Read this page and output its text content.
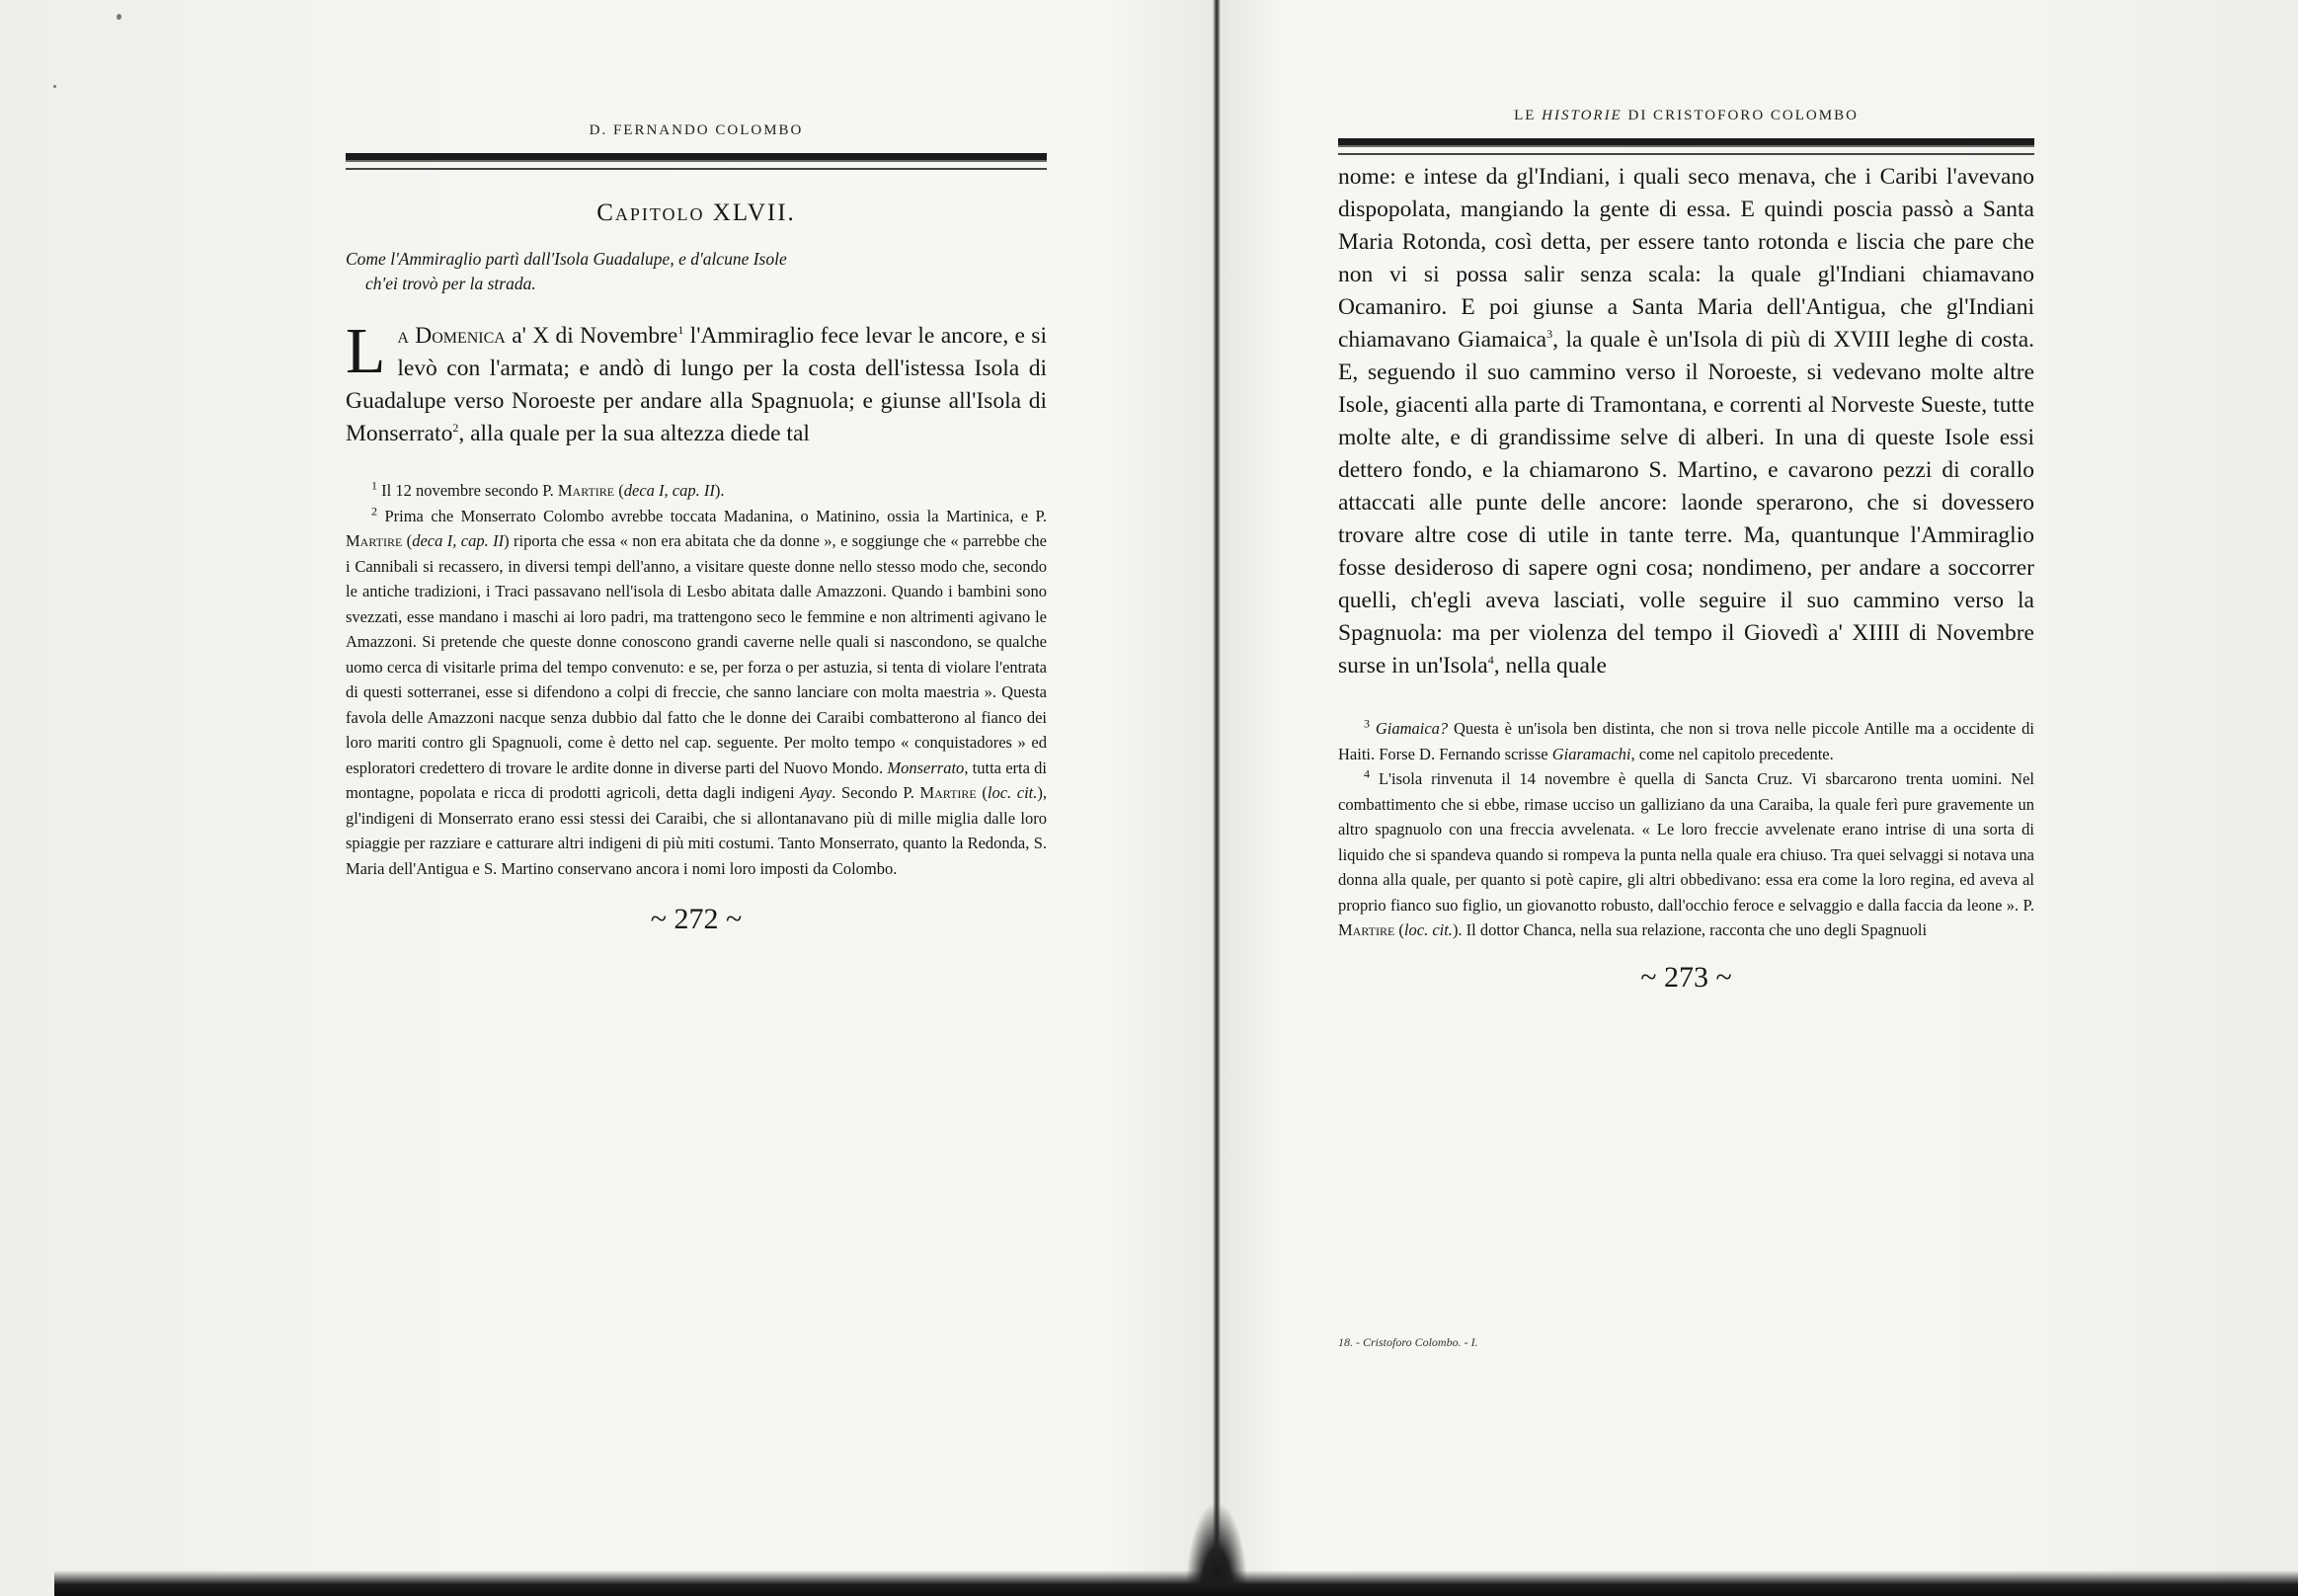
D. FERNANDO COLOMBO
Capitolo XLVII.
Come l'Ammiraglio partì dall'Isola Guadalupe, e d'alcune Isole
ch'ei trovò per la strada.

La Domenica a' X di Novembre$^1$ l'Ammiraglio fece levar le ancore, e si levò con l'armata; e andò di lungo per la costa dell'istessa Isola di Guadalupe verso Noroeste per andare alla Spagnuola; e giunse all'Isola di Monserrato$^2$, alla quale per la sua altezza diede tal

$^1$ Il 12 novembre secondo P. Martire (deca I, cap. II).

$^2$ Prima che Monserrato Colombo avrebbe toccata Madanina, o Matinino, ossia la Martinica, e P. Martire (deca I, cap. II) riporta che essa « non era abitata che da donne », e soggiunge che « parrebbe che i Cannibali si recassero, in diversi tempi dell'anno, a visitare queste donne nello stesso modo che, secondo le antiche tradizioni, i Traci passavano nell'isola di Lesbo abitata dalle Amazzoni. Quando i bambini sono svezzati, esse mandano i maschi ai loro padri, ma trattengono seco le femmine e non altrimenti agivano le Amazzoni. Si pretende che queste donne conoscono grandi caverne nelle quali si nascondono, se qualche uomo cerca di visitarle prima del tempo convenuto: e se, per forza o per astuzia, si tenta di violare l'entrata di questi sotterranei, esse si difendono a colpi di freccie, che sanno lanciare con molta maestria ». Questa favola delle Amazzoni nacque senza dubbio dal fatto che le donne dei Caraibi combatterono al fianco dei loro mariti contro gli Spagnuoli, come è detto nel cap. seguente. Per molto tempo « conquistadores » ed esploratori credettero di trovare le ardite donne in diverse parti del Nuovo Mondo. Monserrato, tutta erta di montagne, popolata e ricca di prodotti agricoli, detta dagli indigeni Ayay. Secondo P. Martire (loc. cit.), gl'indigeni di Monserrato erano essi stessi dei Caraibi, che si allontanavano più di mille miglia dalle loro spiaggie per razziare e catturare altri indigeni di più miti costumi. Tanto Monserrato, quanto la Redonda, S. Maria dell'Antigua e S. Martino conservano ancora i nomi loro imposti da Colombo.

~ 272 ~
LE HISTORIE DI CRISTOFORO COLOMBO

nome: e intese da gl'Indiani, i quali seco menava, che i Caribi l'avevano dispopolata, mangiando la gente di essa. E quindi poscia passò a Santa Maria Rotonda, così detta, per essere tanto rotonda e liscia che pare che non vi si possa salir senza scala: la quale gl'Indiani chiamavano Ocamaniro. E poi giunse a Santa Maria dell'Antigua, che gl'Indiani chiamavano Giamaica$^3$, la quale è un'Isola di più di XVIII leghe di costa. E, seguendo il suo cammino verso il Noroeste, si vedevano molte altre Isole, giacenti alla parte di Tramontana, e correnti al Norveste Sueste, tutte molte alte, e di grandissime selve di alberi. In una di queste Isole essi dettero fondo, e la chiamarono S. Martino, e cavarono pezzi di corallo attaccati alle punte delle ancore: laonde sperarono, che si dovessero trovare altre cose di utile in tante terre. Ma, quantunque l'Ammiraglio fosse desideroso di sapere ogni cosa; nondimeno, per andare a soccorrer quelli, ch'egli aveva lasciati, volle seguire il suo cammino verso la Spagnuola: ma per violenza del tempo il Giovedì a' XIIII di Novembre surse in un'Isola$^4$, nella quale

$^3$ Giamaica? Questa è un'isola ben distinta, che non si trova nelle piccole Antille ma a occidente di Haiti. Forse D. Fernando scrisse Giaramachi, come nel capitolo precedente.

$^4$ L'isola rinvenuta il 14 novembre è quella di Sancta Cruz. Vi sbarcarono trenta uomini. Nel combattimento che si ebbe, rimase ucciso un galliziano da una Caraiba, la quale ferì pure gravemente un altro spagnuolo con una freccia avvelenata. « Le loro freccie avvelenate erano intrise di una sorta di liquido che si spandeva quando si rompeva la punta nella quale era chiuso. Tra quei selvaggi si notava una donna alla quale, per quanto si potè capire, gli altri obbedivano: essa era come la loro regina, ed aveva al proprio fianco suo figlio, un giovanotto robusto, dall'occhio feroce e selvaggio e dalla faccia da leone ». P. Martire (loc. cit.). Il dottor Chanca, nella sua relazione, racconta che uno degli Spagnuoli

~ 273 ~
18. - Cristoforo Colombo. - I.
